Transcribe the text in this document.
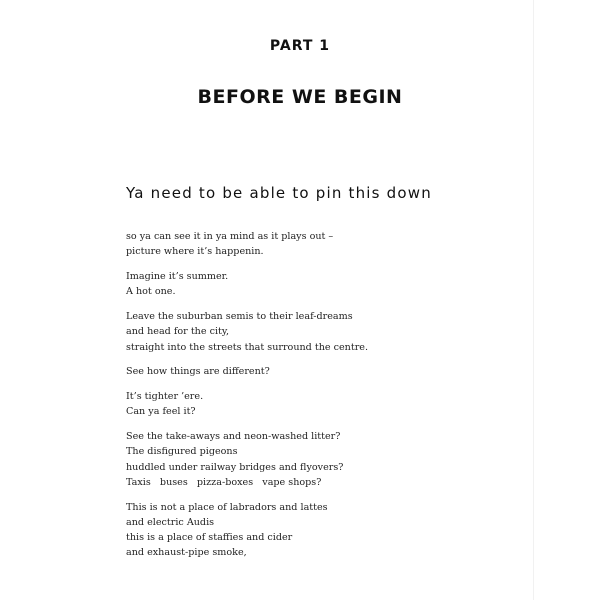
PART 1
BEFORE WE BEGIN
Ya need to be able to pin this down
so ya can see it in ya mind as it plays out –
picture where it’s happenin.
Imagine it’s summer.
A hot one.
Leave the suburban semis to their leaf-dreams
and head for the city,
straight into the streets that surround the centre.
See how things are different?
It’s tighter ’ere.
Can ya feel it?
See the take-aways and neon-washed litter?
The disfigured pigeons
huddled under railway bridges and flyovers?
Taxis   buses   pizza-boxes   vape shops?
This is not a place of labradors and lattes
and electric Audis
this is a place of staffies and cider
and exhaust-pipe smoke,
